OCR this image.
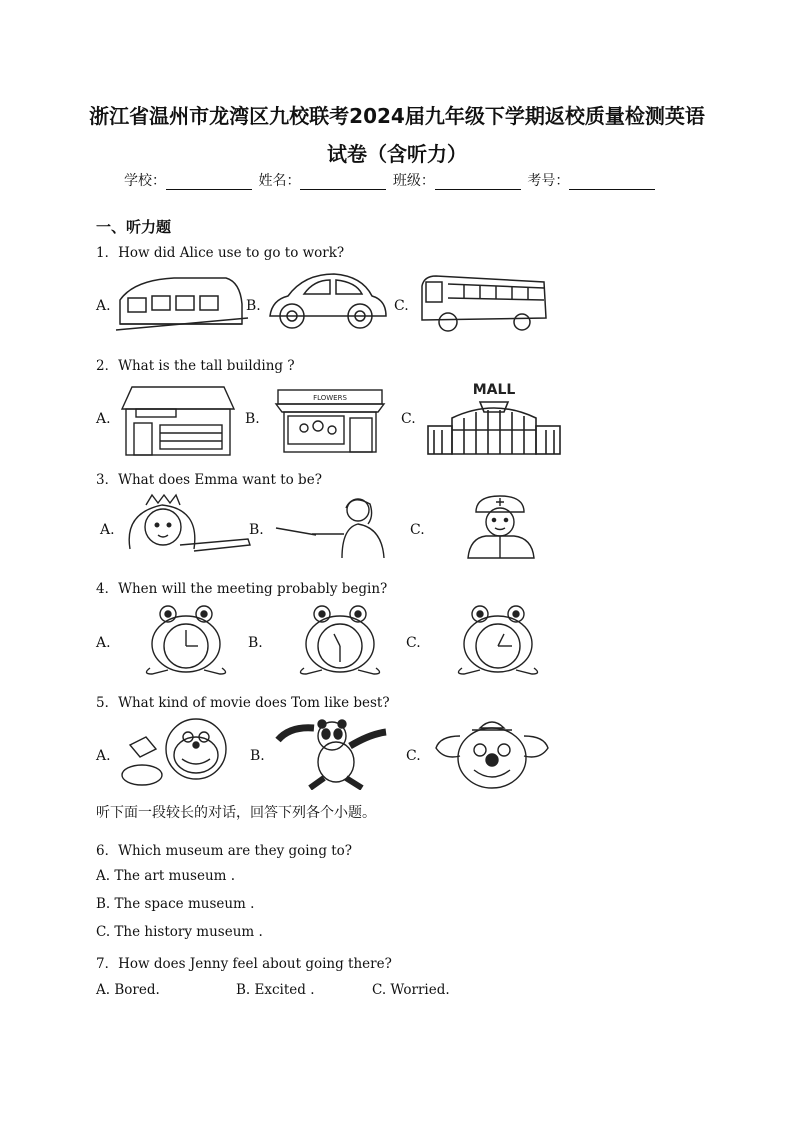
浙江省温州市龙湾区九校联考2024届九年级下学期返校质量检测英语
试卷（含听力）
学校：	姓名：	班级：	考号：
一、听力题
1．How did Alice use to go to work?
A.	B.	C.
2．What is the tall building ?
A.	B.
FLOWERS
C.
MALL
3．What does Emma want to be?
A.	B.	C.
4．When will the meeting probably begin?
A.	B.	C.
5．What kind of movie does Tom like best?
A.	B.	C.
听下面一段较长的对话，回答下列各个小题。
6．Which museum are they going to?
A. The art museum .
B. The space museum .
C. The history museum .
7．How does Jenny feel about going there?
A. Bored.	B. Excited .	C. Worried.
